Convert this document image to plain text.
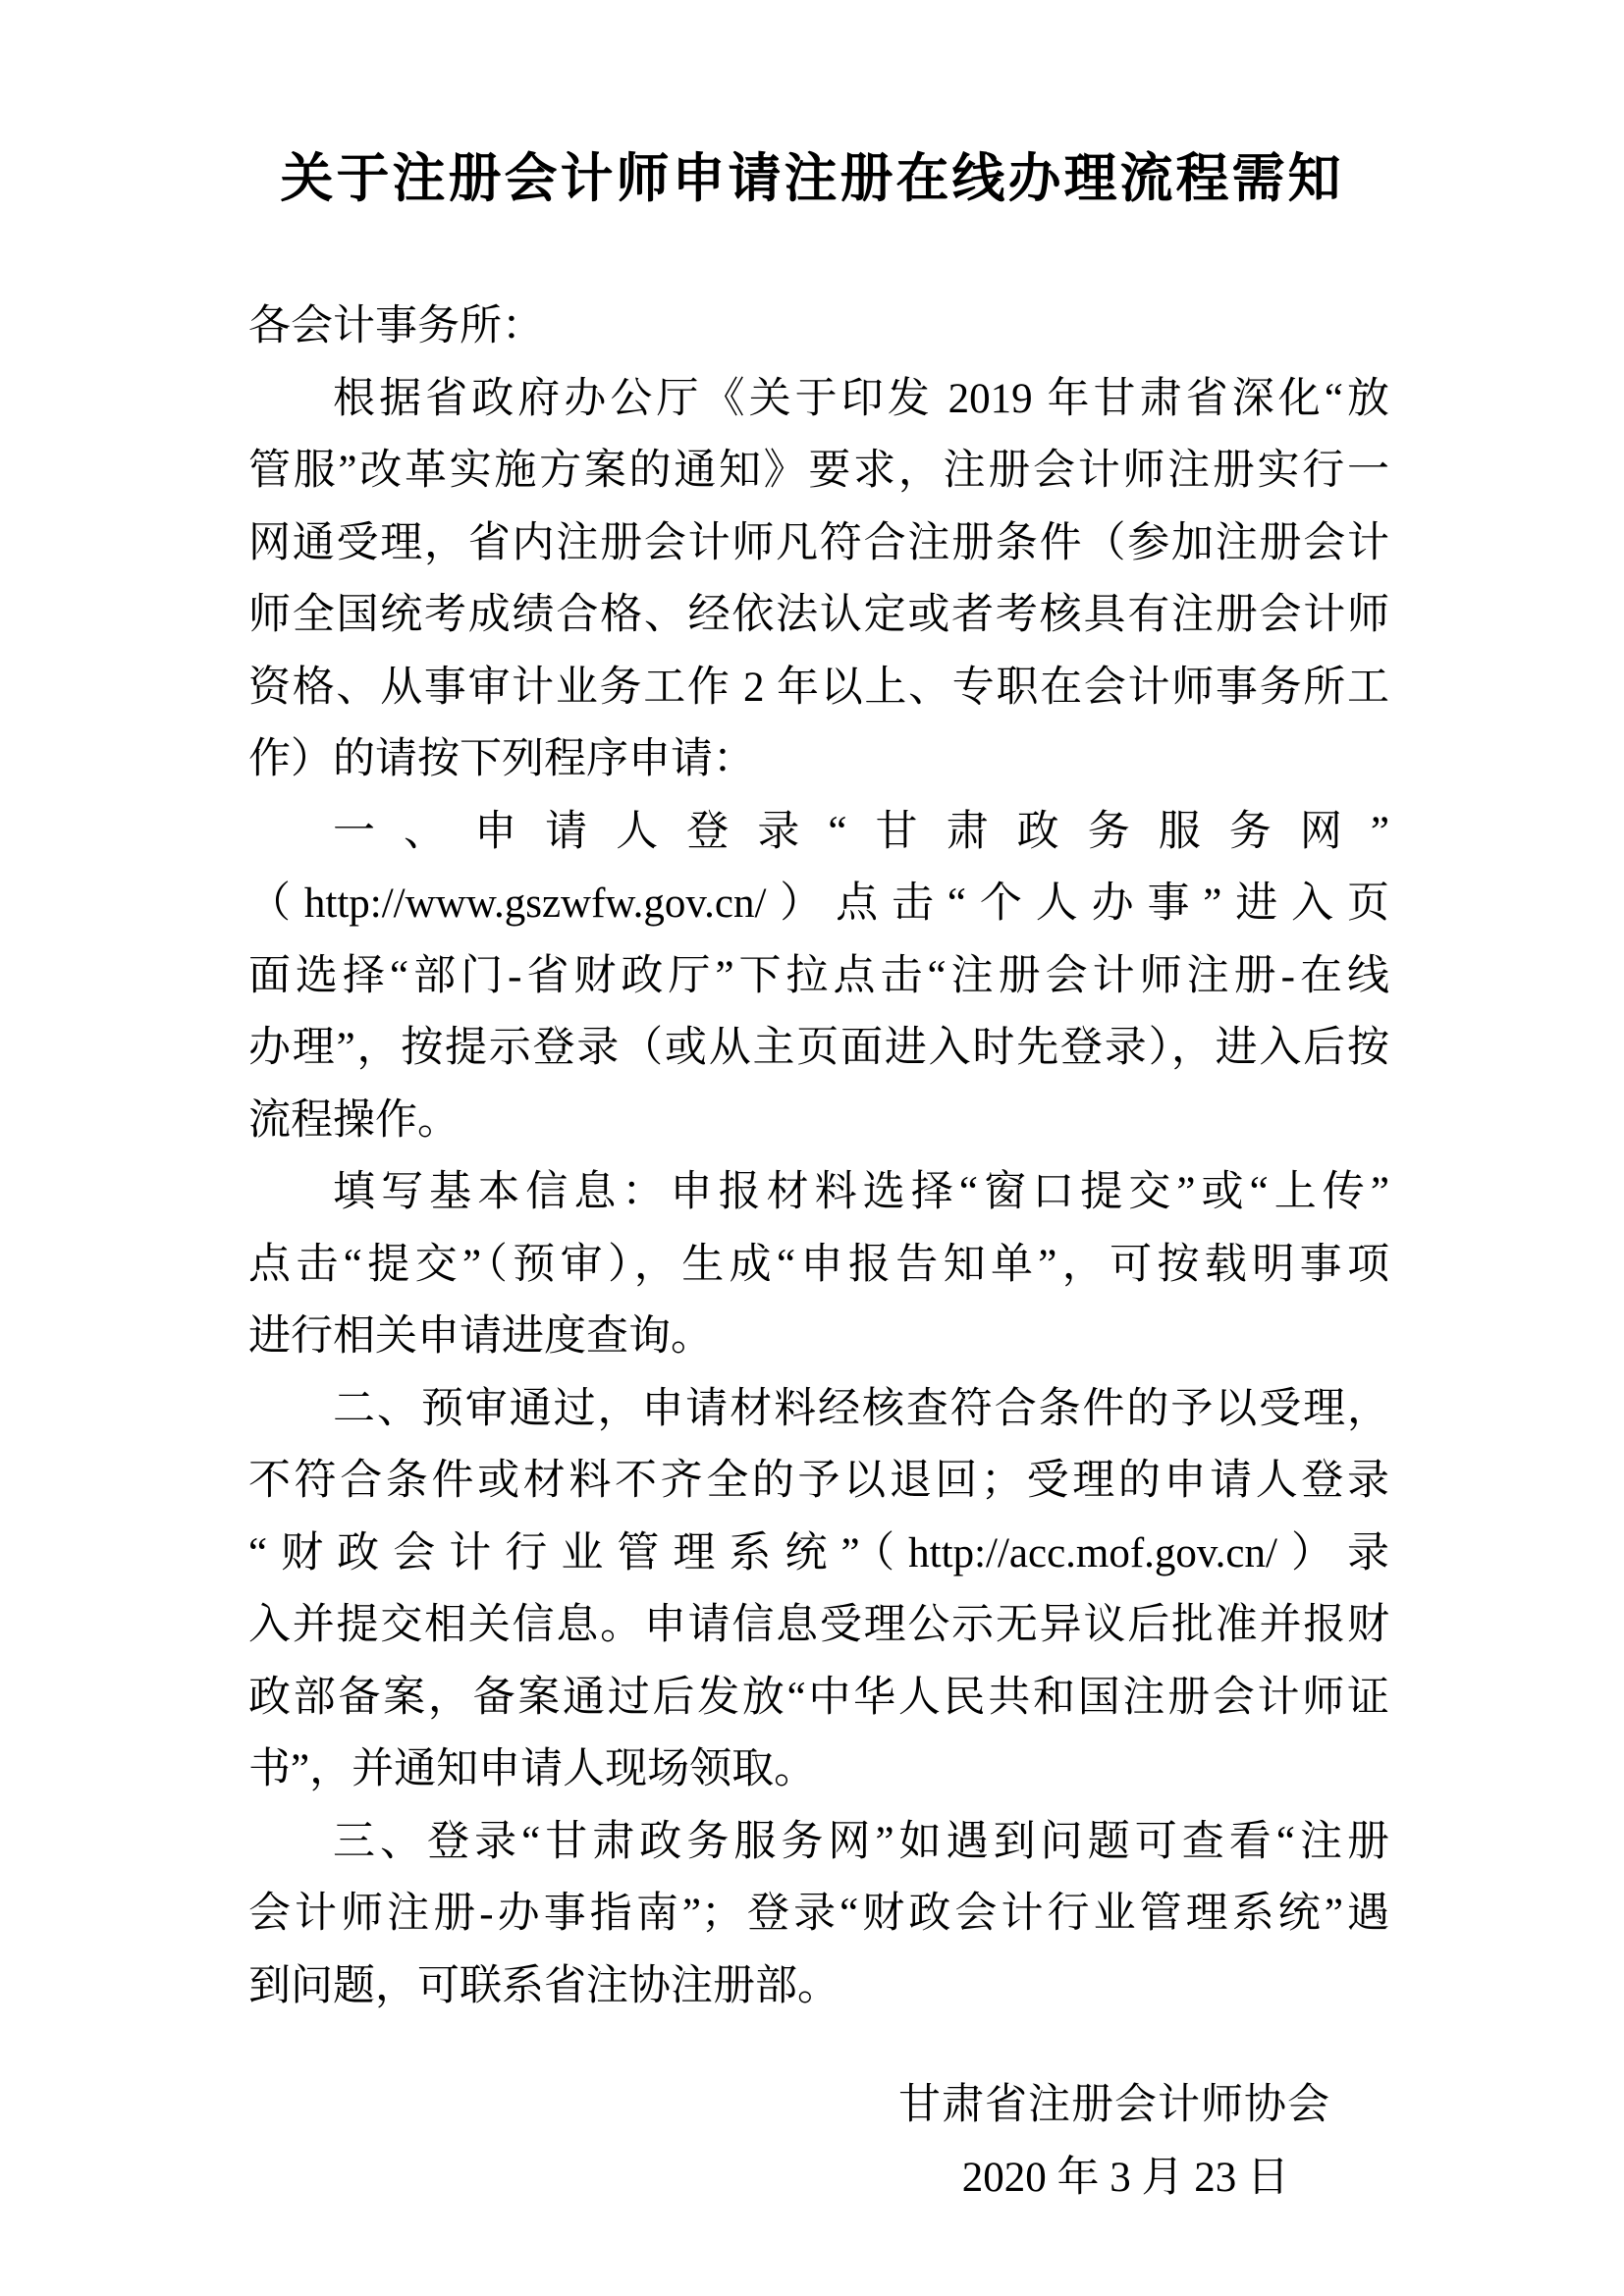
关于注册会计师申请注册在线办理流程需知
各会计事务所：
根据省政府办公厅《关于印发 2019 年甘肃省深化“放
管服”改革实施方案的通知》要求，注册会计师注册实行一
网通受理，省内注册会计师凡符合注册条件（参加注册会计
师全国统考成绩合格、经依法认定或者考核具有注册会计师
资格、从事审计业务工作 2 年以上、专职在会计师事务所工
作）的请按下列程序申请：
一、申请人登录“甘肃政务服务网”
（http://www.gszwfw.gov.cn/）点击“个人办事”进入页
面选择“部门-省财政厅”下拉点击“注册会计师注册-在线
办理”，按提示登录（或从主页面进入时先登录），进入后按
流程操作。
填写基本信息：申报材料选择“窗口提交”或“上传”
点击“提交”（预审），生成“申报告知单”，可按载明事项
进行相关申请进度查询。
二、预审通过，申请材料经核查符合条件的予以受理，
不符合条件或材料不齐全的予以退回；受理的申请人登录
“财政会计行业管理系统”（http://acc.mof.gov.cn/）录
入并提交相关信息。申请信息受理公示无异议后批准并报财
政部备案，备案通过后发放“中华人民共和国注册会计师证
书”，并通知申请人现场领取。
三、登录“甘肃政务服务网”如遇到问题可查看“注册
会计师注册-办事指南”；登录“财政会计行业管理系统”遇
到问题，可联系省注协注册部。
甘肃省注册会计师协会
2020 年 3 月 23 日
